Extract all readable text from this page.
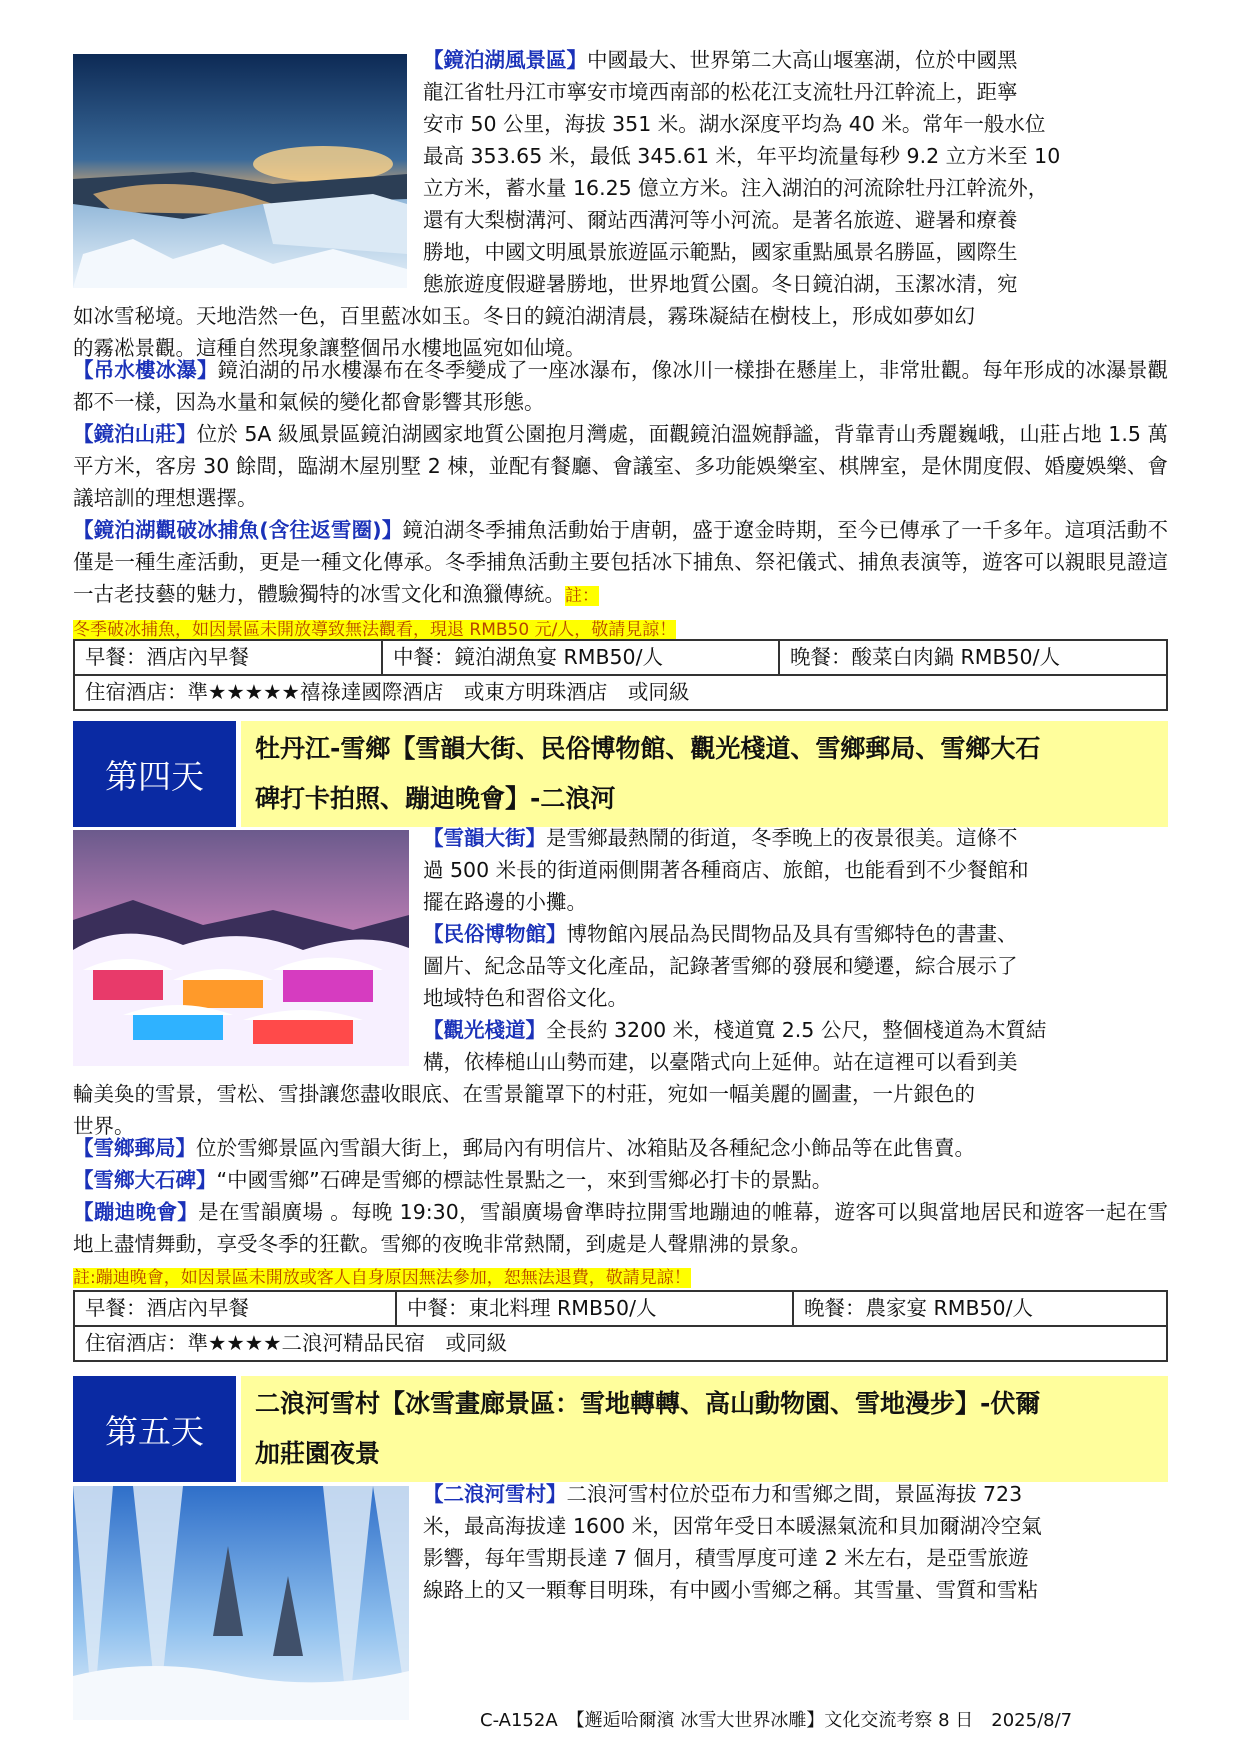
【鏡泊湖風景區】中國最大、世界第二大高山堰塞湖，位於中國黑
龍江省牡丹江市寧安市境西南部的松花江支流牡丹江幹流上，距寧
安市 50 公里，海拔 351 米。湖水深度平均為 40 米。常年一般水位
最高 353.65 米，最低 345.61 米，年平均流量每秒 9.2 立方米至 10
立方米，蓄水量 16.25 億立方米。注入湖泊的河流除牡丹江幹流外，
還有大梨樹溝河、爾站西溝河等小河流。是著名旅遊、避暑和療養
勝地，中國文明風景旅遊區示範點，國家重點風景名勝區，國際生
態旅遊度假避暑勝地，世界地質公園。冬日鏡泊湖，玉潔冰清，宛
如冰雪秘境。天地浩然一色，百里藍冰如玉。冬日的鏡泊湖清晨，霧珠凝結在樹枝上，形成如夢如幻
的霧凇景觀。這種自然現象讓整個吊水樓地區宛如仙境。

【吊水樓冰瀑】鏡泊湖的吊水樓瀑布在冬季變成了一座冰瀑布，像冰川一樣掛在懸崖上，非常壯觀。每年形成的冰瀑景觀都不一樣，因為水量和氣候的變化都會影響其形態。

【鏡泊山莊】位於 5A 級風景區鏡泊湖國家地質公園抱月灣處，面觀鏡泊溫婉靜謐，背靠青山秀麗巍峨，山莊占地 1.5 萬平方米，客房 30 餘間，臨湖木屋別墅 2 棟，並配有餐廳、會議室、多功能娛樂室、棋牌室，是休閒度假、婚慶娛樂、會議培訓的理想選擇。

【鏡泊湖觀破冰捕魚(含往返雪圈)】鏡泊湖冬季捕魚活動始于唐朝，盛于遼金時期，至今已傳承了一千多年。這項活動不僅是一種生產活動，更是一種文化傳承。冬季捕魚活動主要包括冰下捕魚、祭祀儀式、捕魚表演等，遊客可以親眼見證這一古老技藝的魅力，體驗獨特的冰雪文化和漁獵傳統。註：
冬季破冰捕魚，如因景區未開放導致無法觀看，現退 RMB50 元/人，敬請見諒！

早餐：酒店內早餐	中餐：鏡泊湖魚宴 RMB50/人	晚餐：酸菜白肉鍋 RMB50/人
住宿酒店：準★★★★★禧祿達國際酒店　或東方明珠酒店　或同級
第四天
牡丹江-雪鄉【雪韻大街、民俗博物館、觀光棧道、雪鄉郵局、雪鄉大石
碑打卡拍照、蹦迪晚會】-二浪河

【雪韻大街】是雪鄉最熱鬧的街道，冬季晚上的夜景很美。這條不
過 500 米長的街道兩側開著各種商店、旅館，也能看到不少餐館和
擺在路邊的小攤。
【民俗博物館】博物館內展品為民間物品及具有雪鄉特色的書畫、
圖片、紀念品等文化產品，記錄著雪鄉的發展和變遷，綜合展示了
地域特色和習俗文化。
【觀光棧道】全長約 3200 米，棧道寬 2.5 公尺，整個棧道為木質結
構，依棒槌山山勢而建，以臺階式向上延伸。站在這裡可以看到美
輪美奐的雪景，雪松、雪掛讓您盡收眼底、在雪景籠罩下的村莊，宛如一幅美麗的圖畫，一片銀色的
世界。

【雪鄉郵局】位於雪鄉景區內雪韻大街上，郵局內有明信片、冰箱貼及各種紀念小飾品等在此售賣。

【雪鄉大石碑】“中國雪鄉”石碑是雪鄉的標誌性景點之一，來到雪鄉必打卡的景點。

【蹦迪晚會】是在雪韻廣場 。每晚 19:30，雪韻廣場會準時拉開雪地蹦迪的帷幕，遊客可以與當地居民和遊客一起在雪地上盡情舞動，享受冬季的狂歡。雪鄉的夜晚非常熱鬧，到處是人聲鼎沸的景象。
註:蹦迪晚會，如因景區未開放或客人自身原因無法參加，恕無法退費，敬請見諒！

早餐：酒店內早餐	中餐：東北料理 RMB50/人	晚餐：農家宴 RMB50/人
住宿酒店：準★★★★二浪河精品民宿　或同級
第五天
二浪河雪村【冰雪畫廊景區：雪地轉轉、高山動物園、雪地漫步】-伏爾
加莊園夜景

【二浪河雪村】二浪河雪村位於亞布力和雪鄉之間，景區海拔 723
米，最高海拔達 1600 米，因常年受日本暖濕氣流和貝加爾湖冷空氣
影響，每年雪期長達 7 個月，積雪厚度可達 2 米左右，是亞雪旅遊
線路上的又一顆奪目明珠，有中國小雪鄉之稱。其雪量、雪質和雪粘

C-A152A　【邂逅哈爾濱 冰雪大世界冰雕】文化交流考察 8 日　2025/8/7
